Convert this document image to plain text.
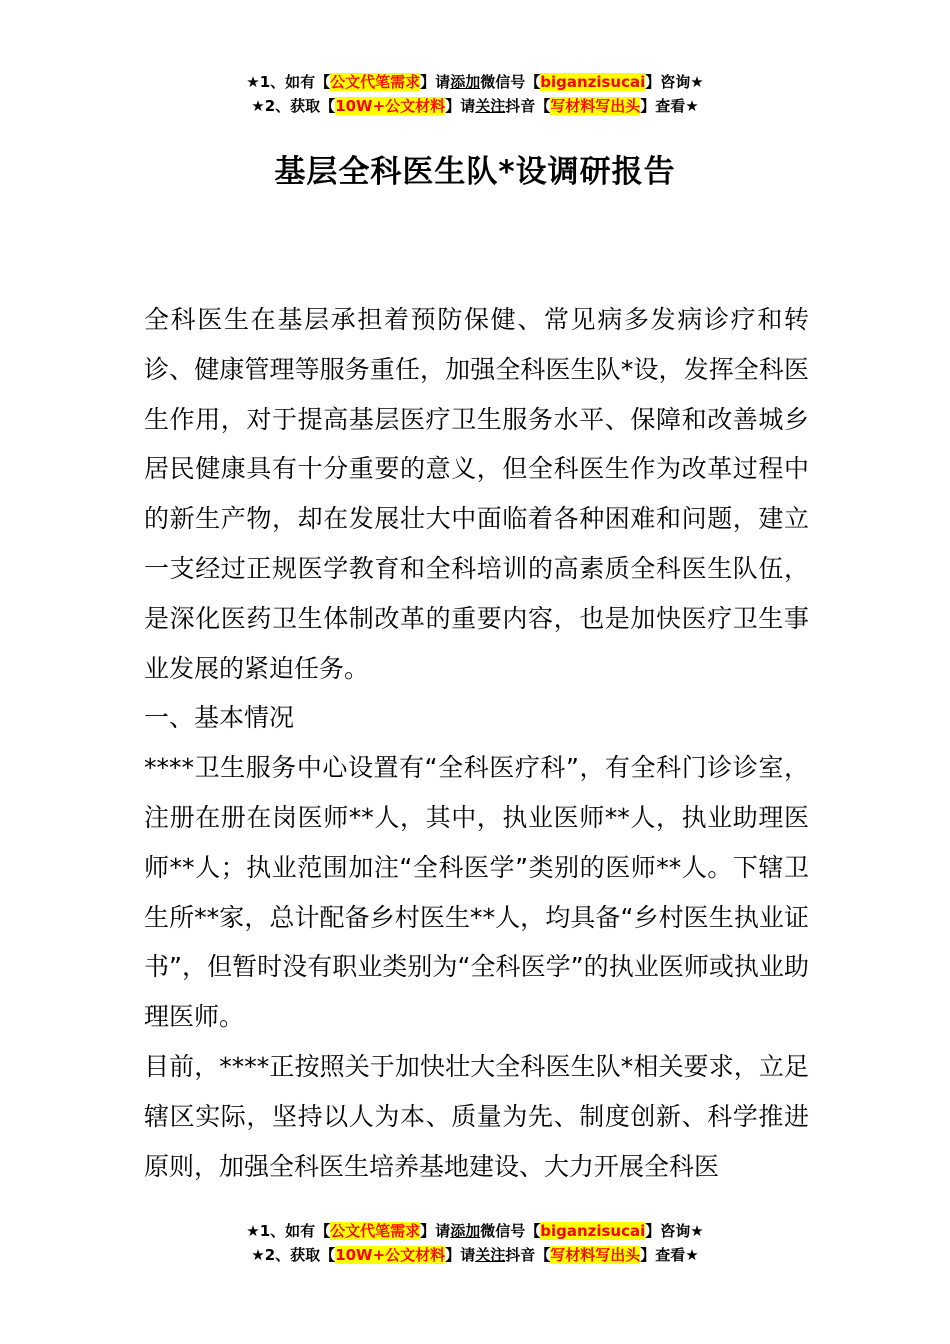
★1、如有【公文代笔需求】请添加微信号【biganzisucai】咨询★
★2、获取【10W+公文材料】请关注抖音【写材料写出头】查看★
基层全科医生队*设调研报告

全科医生在基层承担着预防保健、常见病多发病诊疗和转诊、健康管理等服务重任，加强全科医生队*设，发挥全科医生作用，对于提高基层医疗卫生服务水平、保障和改善城乡居民健康具有十分重要的意义，但全科医生作为改革过程中的新生产物，却在发展壮大中面临着各种困难和问题，建立一支经过正规医学教育和全科培训的高素质全科医生队伍，是深化医药卫生体制改革的重要内容，也是加快医疗卫生事业发展的紧迫任务。

一、基本情况

****卫生服务中心设置有“全科医疗科”，有全科门诊诊室，注册在册在岗医师**人，其中，执业医师**人，执业助理医师**人；执业范围加注“全科医学”类别的医师**人。下辖卫生所**家，总计配备乡村医生**人，均具备“乡村医生执业证书”，但暂时没有职业类别为“全科医学”的执业医师或执业助理医师。

目前，****正按照关于加快壮大全科医生队*相关要求，立足辖区实际，坚持以人为本、质量为先、制度创新、科学推进原则，加强全科医生培养基地建设、大力开展全科医

★1、如有【公文代笔需求】请添加微信号【biganzisucai】咨询★
★2、获取【10W+公文材料】请关注抖音【写材料写出头】查看★
